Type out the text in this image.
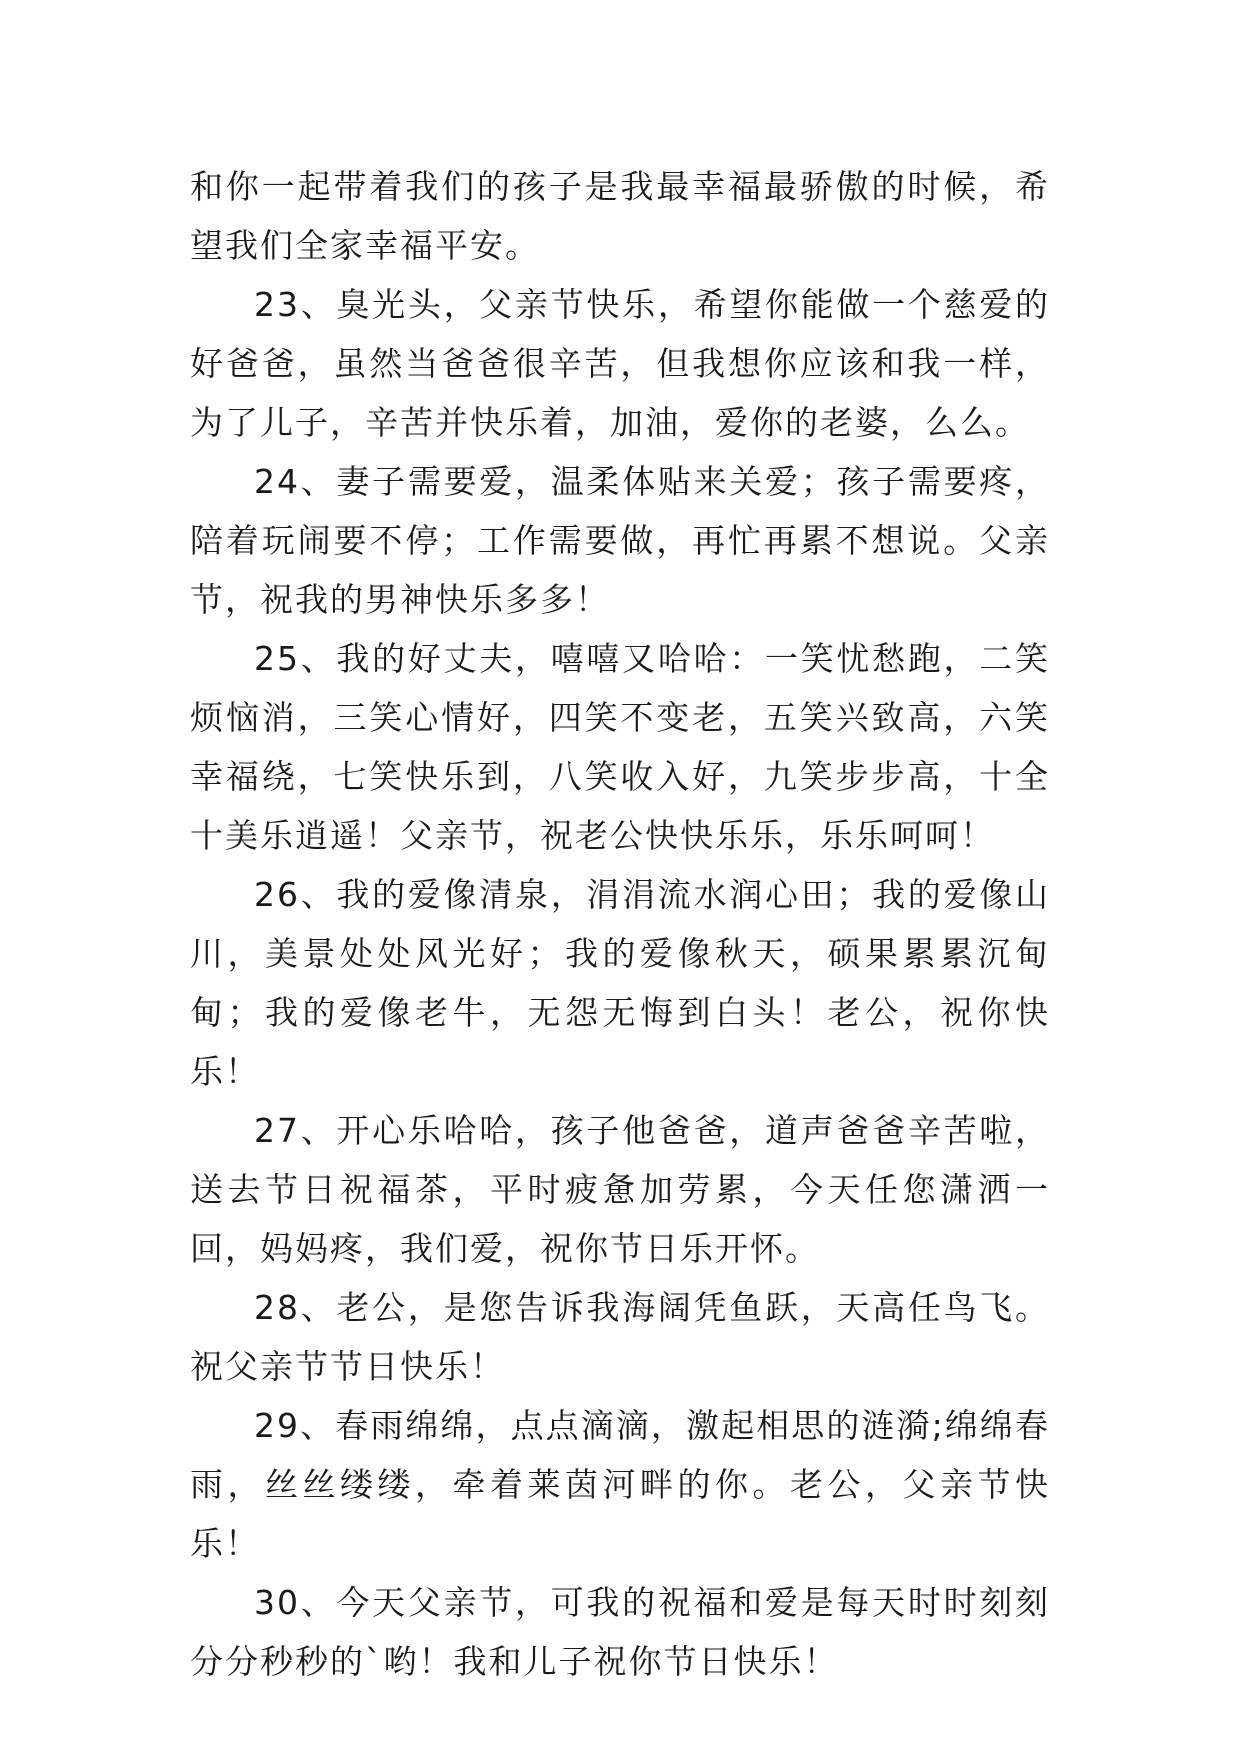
和你一起带着我们的孩子是我最幸福最骄傲的时候，希望我们全家幸福平安。

23、臭光头，父亲节快乐，希望你能做一个慈爱的好爸爸，虽然当爸爸很辛苦，但我想你应该和我一样，为了儿子，辛苦并快乐着，加油，爱你的老婆，么么。

24、妻子需要爱，温柔体贴来关爱；孩子需要疼，陪着玩闹要不停；工作需要做，再忙再累不想说。父亲节，祝我的男神快乐多多！

25、我的好丈夫，嘻嘻又哈哈：一笑忧愁跑，二笑烦恼消，三笑心情好，四笑不变老，五笑兴致高，六笑幸福绕，七笑快乐到，八笑收入好，九笑步步高，十全十美乐逍遥！父亲节，祝老公快快乐乐，乐乐呵呵！

26、我的爱像清泉，涓涓流水润心田；我的爱像山川，美景处处风光好；我的爱像秋天，硕果累累沉甸甸；我的爱像老牛，无怨无悔到白头！老公，祝你快乐！

27、开心乐哈哈，孩子他爸爸，道声爸爸辛苦啦，送去节日祝福茶，平时疲惫加劳累，今天任您潇洒一回，妈妈疼，我们爱，祝你节日乐开怀。

28、老公，是您告诉我海阔凭鱼跃，天高任鸟飞。祝父亲节节日快乐！

29、春雨绵绵，点点滴滴，激起相思的涟漪;绵绵春雨，丝丝缕缕，牵着莱茵河畔的你。老公，父亲节快乐！

30、今天父亲节，可我的祝福和爱是每天时时刻刻分分秒秒的`哟！我和儿子祝你节日快乐！
